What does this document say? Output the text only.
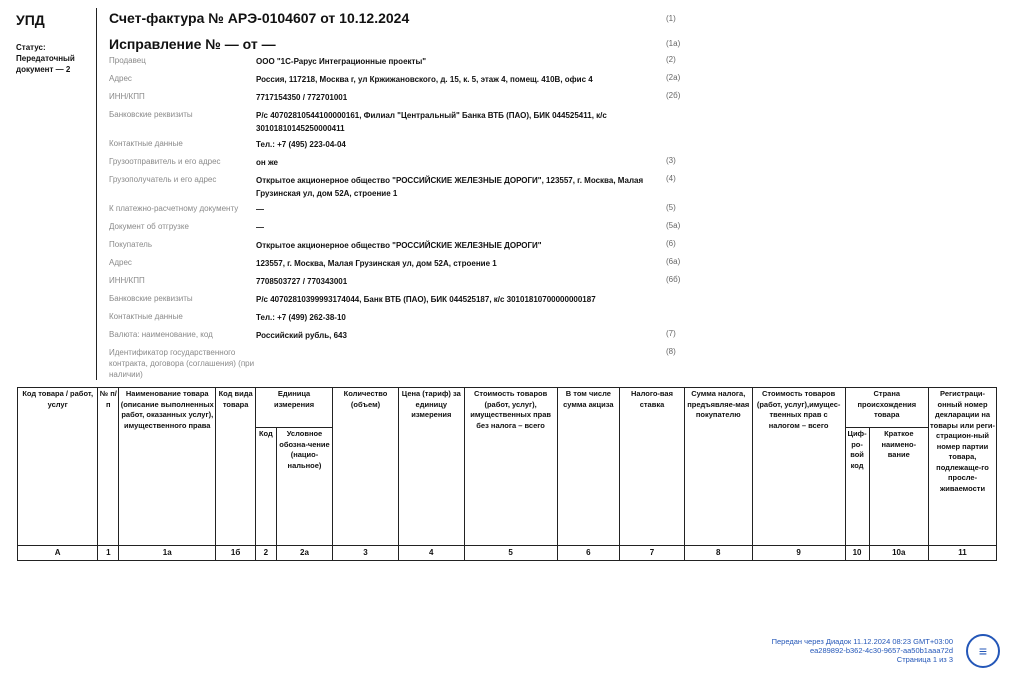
УПД
Статус: Передаточный документ — 2
Счет-фактура № АРЭ-0104607 от 10.12.2024	(1)
Исправление № — от —	(1а)
Продавец	ООО "1С-Рарус Интеграционные проекты"	(2)
Адрес	Россия, 117218, Москва г, ул Кржижановского, д. 15, к. 5, этаж 4, помещ. 410В, офис 4	(2а)
ИНН/КПП	7717154350 / 772701001	(2б)
Банковские реквизиты	Р/с 40702810544100000161, Филиал "Центральный" Банка ВТБ (ПАО), БИК 044525411, к/с 30101810145250000411
Контактные данные	Тел.: +7 (495) 223-04-04
Грузоотправитель и его адрес	он же	(3)
Грузополучатель и его адрес	Открытое акционерное общество "РОССИЙСКИЕ ЖЕЛЕЗНЫЕ ДОРОГИ", 123557, г. Москва, Малая Грузинская ул, дом 52А, строение 1
(4)
К платежно-расчетному документу	—	(5)
Документ об отгрузке	—	(5а)
Покупатель	Открытое акционерное общество "РОССИЙСКИЕ ЖЕЛЕЗНЫЕ ДОРОГИ"	(6)
Адрес	123557, г. Москва, Малая Грузинская ул, дом 52А, строение 1	(6а)
ИНН/КПП	7708503727 / 770343001	(6б)
Банковские реквизиты	Р/с 40702810399993174044, Банк ВТБ (ПАО), БИК 044525187, к/с 30101810700000000187
Контактные данные	Тел.: +7 (499) 262-38-10
Валюта: наименование, код	Российский рубль, 643	(7)
Идентификатор государственного контракта, договора (соглашения) (при наличии)
(8)
Код товара / работ, услуг	№ п/п	Наименование товара (описание выполненных работ, оказанных услуг), имущественного права	Код вида товара	Единица измерения		Количество (объем)	Цена (тариф) за единицу измерения	Стоимость товаров (работ, услуг), имущественных прав без налога – всего	В том числе сумма акциза	Налого-вая ставка	Сумма налога, предъявляе-мая покупателю	Стоимость товаров (работ, услуг),имущес-твенных прав с налогом – всего	Страна происхождения товара		Регистраци-онный номер декларации на товары или реги-страцион-ный номер партии товара, подлежаще-го просле-живаемости
				Код	Условное обозна-чение (нацио-нальное)								Циф-ро-вой код	Краткое наимено-вание	
А	1	1а	1б	2	2а	3	4	5	6	7	8	9	10	10а	11
Передан через Диадок 11.12.2024 08:23 GMT+03:00
ea289892-b362-4c30-9657-aa50b1aaa72d
Страница 1 из 3
≡
